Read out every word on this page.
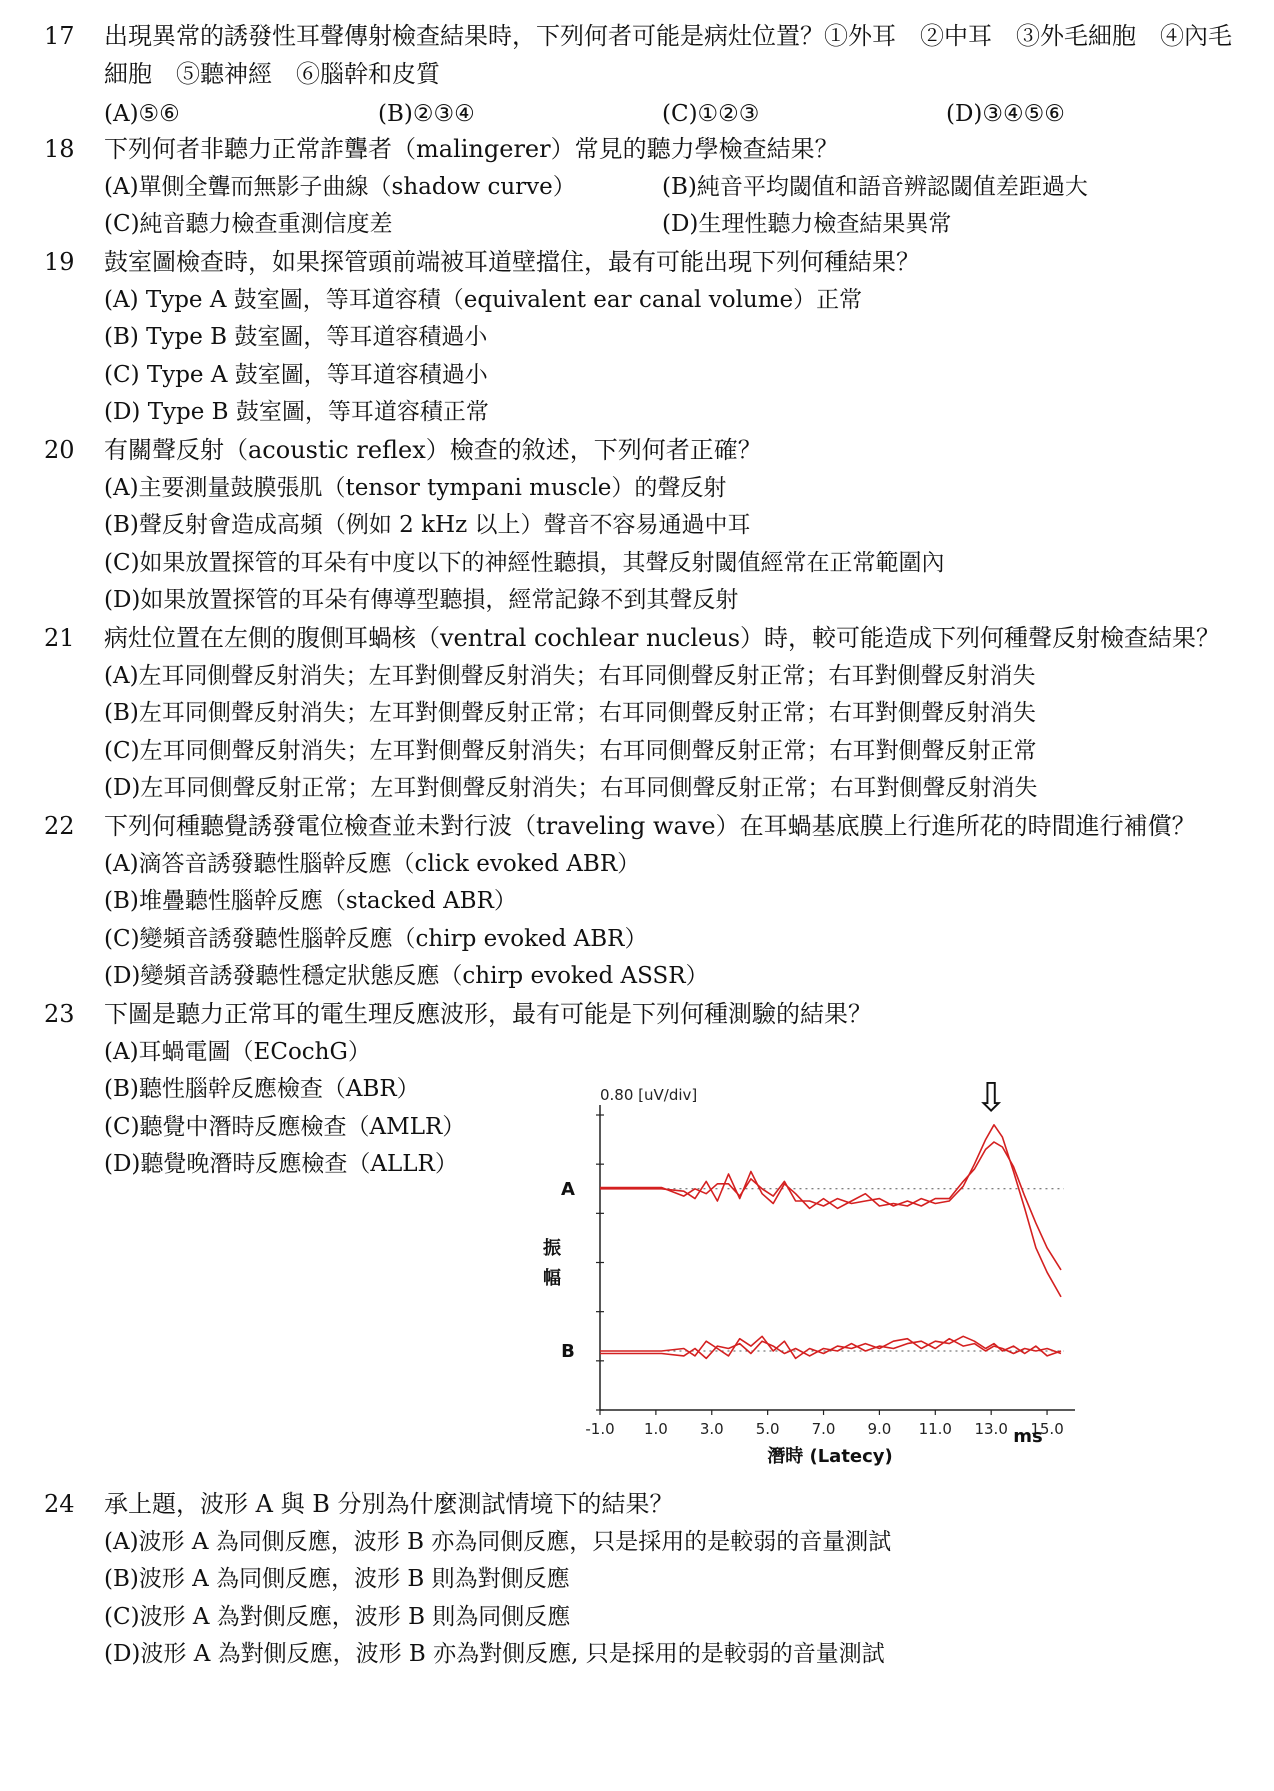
17 出現異常的誘發性耳聲傳射檢查結果時，下列何者可能是病灶位置？①外耳　②中耳　③外毛細胞　④內毛細胞　⑤聽神經　⑥腦幹和皮質
(A)⑤⑥	(B)②③④	(C)①②③	(D)③④⑤⑥
18 下列何者非聽力正常詐聾者（malingerer）常見的聽力學檢查結果？
(A)單側全聾而無影子曲線（shadow curve）	(B)純音平均閾值和語音辨認閾值差距過大
(C)純音聽力檢查重測信度差	(D)生理性聽力檢查結果異常
19 鼓室圖檢查時，如果探管頭前端被耳道壁擋住，最有可能出現下列何種結果？
(A) Type A 鼓室圖，等耳道容積（equivalent ear canal volume）正常
(B) Type B 鼓室圖，等耳道容積過小
(C) Type A 鼓室圖，等耳道容積過小
(D) Type B 鼓室圖，等耳道容積正常
20 有關聲反射（acoustic reflex）檢查的敘述，下列何者正確？
(A)主要測量鼓膜張肌（tensor tympani muscle）的聲反射
(B)聲反射會造成高頻（例如 2 kHz 以上）聲音不容易通過中耳
(C)如果放置探管的耳朵有中度以下的神經性聽損，其聲反射閾值經常在正常範圍內
(D)如果放置探管的耳朵有傳導型聽損，經常記錄不到其聲反射
21 病灶位置在左側的腹側耳蝸核（ventral cochlear nucleus）時，較可能造成下列何種聲反射檢查結果？
(A)左耳同側聲反射消失；左耳對側聲反射消失；右耳同側聲反射正常；右耳對側聲反射消失
(B)左耳同側聲反射消失；左耳對側聲反射正常；右耳同側聲反射正常；右耳對側聲反射消失
(C)左耳同側聲反射消失；左耳對側聲反射消失；右耳同側聲反射正常；右耳對側聲反射正常
(D)左耳同側聲反射正常；左耳對側聲反射消失；右耳同側聲反射正常；右耳對側聲反射消失
22 下列何種聽覺誘發電位檢查並未對行波（traveling wave）在耳蝸基底膜上行進所花的時間進行補償？
(A)滴答音誘發聽性腦幹反應（click evoked ABR）
(B)堆疊聽性腦幹反應（stacked ABR）
(C)變頻音誘發聽性腦幹反應（chirp evoked ABR）
(D)變頻音誘發聽性穩定狀態反應（chirp evoked ASSR）
23 下圖是聽力正常耳的電生理反應波形，最有可能是下列何種測驗的結果？
(A)耳蝸電圖（ECochG）
(B)聽性腦幹反應檢查（ABR）
(C)聽覺中潛時反應檢查（AMLR）
(D)聽覺晚潛時反應檢查（ALLR）
-1.0 1.0 3.0 5.0 7.0 9.0 11.0 13.0 15.0
0.80 [uV/div]	⇩
A
B
振幅
潛時 (Latecy)
ms
24 承上題，波形 A 與 B 分別為什麼測試情境下的結果？
(A)波形 A 為同側反應，波形 B 亦為同側反應，只是採用的是較弱的音量測試
(B)波形 A 為同側反應，波形 B 則為對側反應
(C)波形 A 為對側反應，波形 B 則為同側反應
(D)波形 A 為對側反應，波形 B 亦為對側反應, 只是採用的是較弱的音量測試
